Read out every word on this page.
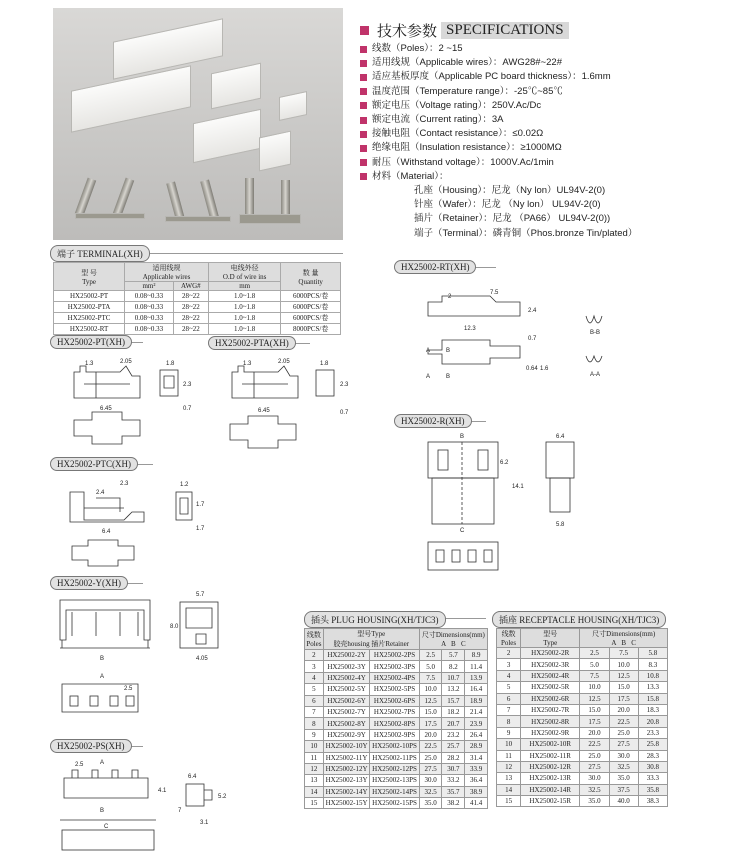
技术参数 SPECIFICATIONS
线数（Poles）：2 ~15
适用线规（Applicable wires）：AWG28#~22#
适应基板厚度（Applicable PC board thickness）：1.6mm
温度范围（Temperature range）：-25℃~85℃
额定电压（Voltage rating）：250V.Ac/Dc
额定电流（Current rating）：3A
接触电阻（Contact resistance）：≤0.02Ω
绝缘电阻（Insulation resistance）：≥1000MΩ
耐压（Withstand voltage）：1000V.Ac/1min
材料（Material）：
孔座（Housing）：尼龙（Ny lon）UL94V-2(0)
针座（Wafer）：尼龙 （Ny lon） UL94V-2(0)
插片（Retainer）：尼龙 （PA66） UL94V-2(0))
端子（Terminal）：磷青铜（Phos.bronze Tin/plated）
端子 TERMINAL(XH)
型 号
Type	适用线规
Applicable wires		电线外径
O.D of wire ins	数 量
Quantity
	mm²	AWG#	mm	
HX25002-PT	0.08~0.33	28~22	1.0~1.8	6000PCS/卷
HX25002-PTA	0.08~0.33	28~22	1.0~1.8	6000PCS/卷
HX25002-PTC	0.08~0.33	28~22	1.0~1.8	6000PCS/卷
HX25002-RT	0.08~0.33	28~22	1.0~1.8	8000PCS/卷
HX25002-PT(XH)	HX25002-PTA(XH)
HX25002-PTC(XH)
HX25002-Y(XH)
HX25002-PS(XH)
HX25002-RT(XH)
HX25002-R(XH)
1.3	2.05	1.8
2.3
0.7
6.45
1.3	2.05	1.8
2.3
0.7
6.45
2.3
2.4
1.2
1.7
1.7
6.4
5.7
8.0
4.05
B
A
2.5
2.5	A
B
4.1
6.4
5.2
7
C
3.1
2
7.5
2.4
12.3
0.7
A	B
B
A
0.64 1.6
B-B
A-A
6.4
B
6.2
14.1
5.8
C
插头 PLUG HOUSING(XH/TJC3)
线数
Poles	型号Type
胶壳housing 插片Retainer		尺寸Dimensions(mm)
A B C		
2	HX25002-2Y	HX25002-2PS	2.5	5.7	8.9
3	HX25002-3Y	HX25002-3PS	5.0	8.2	11.4
4	HX25002-4Y	HX25002-4PS	7.5	10.7	13.9
5	HX25002-5Y	HX25002-5PS	10.0	13.2	16.4
6	HX25002-6Y	HX25002-6PS	12.5	15.7	18.9
7	HX25002-7Y	HX25002-7PS	15.0	18.2	21.4
8	HX25002-8Y	HX25002-8PS	17.5	20.7	23.9
9	HX25002-9Y	HX25002-9PS	20.0	23.2	26.4
10	HX25002-10Y	HX25002-10PS	22.5	25.7	28.9
11	HX25002-11Y	HX25002-11PS	25.0	28.2	31.4
12	HX25002-12Y	HX25002-12PS	27.5	30.7	33.9
13	HX25002-13Y	HX25002-13PS	30.0	33.2	36.4
14	HX25002-14Y	HX25002-14PS	32.5	35.7	38.9
15	HX25002-15Y	HX25002-15PS	35.0	38.2	41.4
插座 RECEPTACLE HOUSING(XH/TJC3)
线数
Poles	型号
Type	尺寸Dimensions(mm)
A B C		
2	HX25002-2R	2.5	7.5	5.8
3	HX25002-3R	5.0	10.0	8.3
4	HX25002-4R	7.5	12.5	10.8
5	HX25002-5R	10.0	15.0	13.3
6	HX25002-6R	12.5	17.5	15.8
7	HX25002-7R	15.0	20.0	18.3
8	HX25002-8R	17.5	22.5	20.8
9	HX25002-9R	20.0	25.0	23.3
10	HX25002-10R	22.5	27.5	25.8
11	HX25002-11R	25.0	30.0	28.3
12	HX25002-12R	27.5	32.5	30.8
13	HX25002-13R	30.0	35.0	33.3
14	HX25002-14R	32.5	37.5	35.8
15	HX25002-15R	35.0	40.0	38.3
